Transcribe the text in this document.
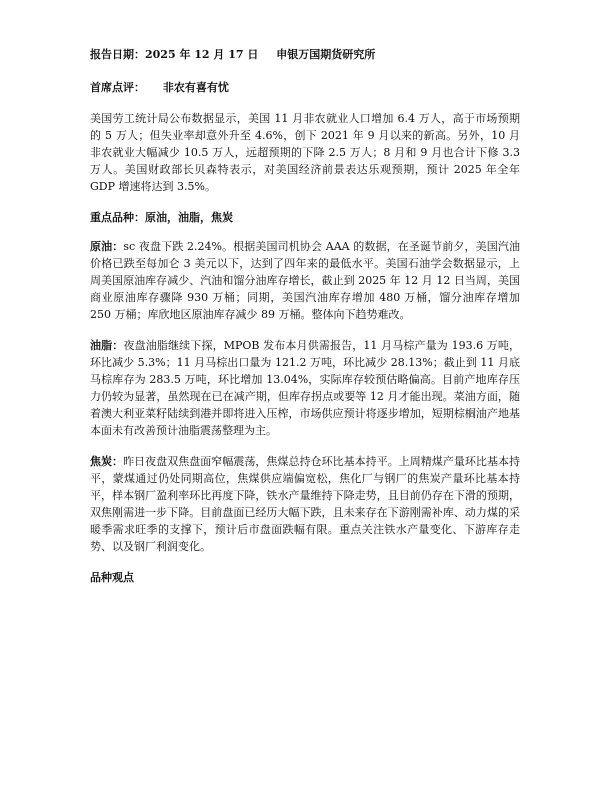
报告日期：2025 年 12 月 17 日 申银万国期货研究所
首席点评： 非农有喜有忧
美国劳工统计局公布数据显示，美国 11 月非农就业人口增加 6.4 万人，高于市场预期的 5 万人；但失业率却意外升至 4.6%，创下 2021 年 9 月以来的新高。另外，10 月非农就业大幅减少 10.5 万人，远超预期的下降 2.5 万人；8 月和 9 月也合计下修 3.3 万人。美国财政部长贝森特表示，对美国经济前景表达乐观预期，预计 2025 年全年 GDP 增速将达到 3.5%。
重点品种：原油，油脂，焦炭
原油：sc 夜盘下跌 2.24%。根据美国司机协会 AAA 的数据，在圣诞节前夕，美国汽油价格已跌至每加仑 3 美元以下，达到了四年来的最低水平。美国石油学会数据显示，上周美国原油库存减少、汽油和馏分油库存增长，截止到 2025 年 12 月 12 日当周，美国商业原油库存骤降 930 万桶；同期，美国汽油库存增加 480 万桶，馏分油库存增加 250 万桶；库欣地区原油库存减少 89 万桶。整体向下趋势难改。
油脂：夜盘油脂继续下探，MPOB 发布本月供需报告，11 月马棕产量为 193.6 万吨，环比减少 5.3%；11 月马棕出口量为 121.2 万吨，环比减少 28.13%；截止到 11 月底马棕库存为 283.5 万吨，环比增加 13.04%，实际库存较预估略偏高。目前产地库存压力仍较为显著，虽然现在已在减产期，但库存拐点或要等 12 月才能出现。菜油方面，随着澳大利亚菜籽陆续到港并即将进入压榨，市场供应预计将逐步增加，短期棕榈油产地基本面未有改善预计油脂震荡整理为主。
焦炭：昨日夜盘双焦盘面窄幅震荡，焦煤总持仓环比基本持平。上周精煤产量环比基本持平，蒙煤通过仍处同期高位，焦煤供应端偏宽松，焦化厂与钢厂的焦炭产量环比基本持平，样本钢厂盈利率环比再度下降，铁水产量维持下降走势，且目前仍存在下滑的预期，双焦刚需进一步下降。目前盘面已经历大幅下跌，且未来存在下游刚需补库、动力煤的采暖季需求旺季的支撑下，预计后市盘面跌幅有限。重点关注铁水产量变化、下游库存走势、以及钢厂利润变化。
品种观点
